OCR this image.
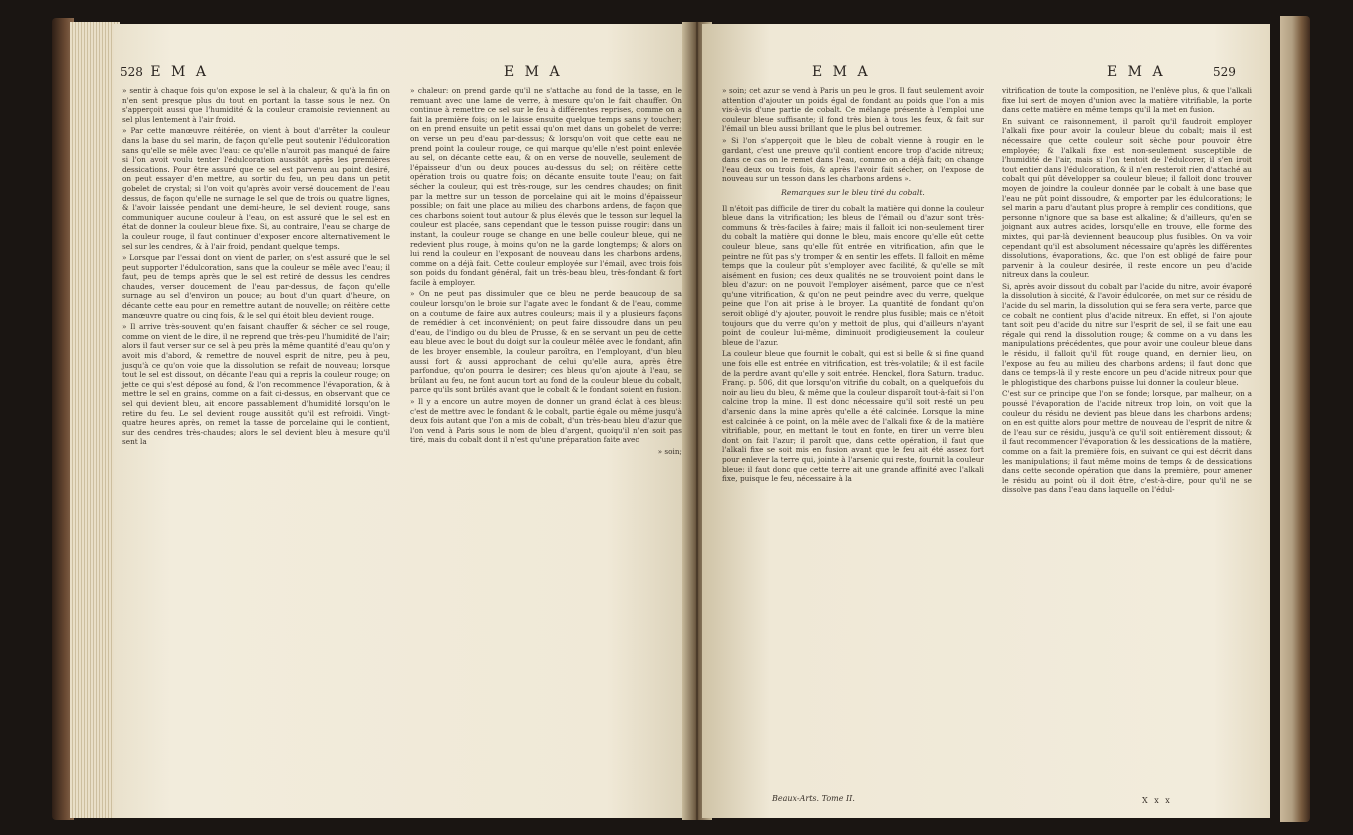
528 E M A	E M A

» sentir à chaque fois qu'on expose le sel à la chaleur, & qu'à la fin on n'en sent presque plus du tout en portant la tasse sous le nez. On s'apperçoit aussi que l'humidité & la couleur cramoisie reviennent au sel plus lentement à l'air froid.

» Par cette manœuvre réitérée, on vient à bout d'arrêter la couleur dans la base du sel marin, de façon qu'elle peut soutenir l'édulcoration sans qu'elle se mêle avec l'eau: ce qu'elle n'auroit pas manqué de faire si l'on avoit voulu tenter l'édulcoration aussitôt après les premières dessications. Pour être assuré que ce sel est parvenu au point desiré, on peut essayer d'en mettre, au sortir du feu, un peu dans un petit gobelet de crystal; si l'on voit qu'après avoir versé doucement de l'eau dessus, de façon qu'elle ne surnage le sel que de trois ou quatre lignes, & l'avoir laissée pendant une demi-heure, le sel devient rouge, sans communiquer aucune couleur à l'eau, on est assuré que le sel est en état de donner la couleur bleue fixe. Si, au contraire, l'eau se charge de la couleur rouge, il faut continuer d'exposer encore alternativement le sel sur les cendres, & à l'air froid, pendant quelque temps.

» Lorsque par l'essai dont on vient de parler, on s'est assuré que le sel peut supporter l'édulcoration, sans que la couleur se mêle avec l'eau; il faut, peu de temps après que le sel est retiré de dessus les cendres chaudes, verser doucement de l'eau par-dessus, de façon qu'elle surnage au sel d'environ un pouce; au bout d'un quart d'heure, on décante cette eau pour en remettre autant de nouvelle; on réitère cette manœuvre quatre ou cinq fois, & le sel qui étoit bleu devient rouge.

» Il arrive très-souvent qu'en faisant chauffer & sécher ce sel rouge, comme on vient de le dire, il ne reprend que très-peu l'humidité de l'air; alors il faut verser sur ce sel à peu près la même quantité d'eau qu'on y avoit mis d'abord, & remettre de nouvel esprit de nitre, peu à peu, jusqu'à ce qu'on voie que la dissolution se refait de nouveau; lorsque tout le sel est dissout, on décante l'eau qui a repris la couleur rouge; on jette ce qui s'est déposé au fond, & l'on recommence l'évaporation, & à mettre le sel en grains, comme on a fait ci-dessus, en observant que ce sel qui devient bleu, ait encore passablement d'humidité lorsqu'on le retire du feu. Le sel devient rouge aussitôt qu'il est refroidi. Vingt-quatre heures après, on remet la tasse de porcelaine qui le contient, sur des cendres très-chaudes; alors le sel devient bleu à mesure qu'il sent la

» chaleur: on prend garde qu'il ne s'attache au fond de la tasse, en le remuant avec une lame de verre, à mesure qu'on le fait chauffer. On continue à remettre ce sel sur le feu à différentes reprises, comme on a fait la première fois; on le laisse ensuite quelque temps sans y toucher; on en prend ensuite un petit essai qu'on met dans un gobelet de verre: on verse un peu d'eau par-dessus; & lorsqu'on voit que cette eau ne prend point la couleur rouge, ce qui marque qu'elle n'est point enlevée au sel, on décante cette eau, & on en verse de nouvelle, seulement de l'épaisseur d'un ou deux pouces au-dessus du sel; on réitère cette opération trois ou quatre fois; on décante ensuite toute l'eau; on fait sécher la couleur, qui est très-rouge, sur les cendres chaudes; on finit par la mettre sur un tesson de porcelaine qui ait le moins d'épaisseur possible; on fait une place au milieu des charbons ardens, de façon que ces charbons soient tout autour & plus élevés que le tesson sur lequel la couleur est placée, sans cependant que le tesson puisse rougir: dans un instant, la couleur rouge se change en une belle couleur bleue, qui ne redevient plus rouge, à moins qu'on ne la garde longtemps; & alors on lui rend la couleur en l'exposant de nouveau dans les charbons ardens, comme on a déjà fait. Cette couleur employée sur l'émail, avec trois fois son poids du fondant général, fait un très-beau bleu, très-fondant & fort facile à employer.

» On ne peut pas dissimuler que ce bleu ne perde beaucoup de sa couleur lorsqu'on le broie sur l'agate avec le fondant & de l'eau, comme on a coutume de faire aux autres couleurs; mais il y a plusieurs façons de remédier à cet inconvénient; on peut faire dissoudre dans un peu d'eau, de l'indigo ou du bleu de Prusse, & en se servant un peu de cette eau bleue avec le bout du doigt sur la couleur mêlée avec le fondant, afin de les broyer ensemble, la couleur paroîtra, en l'employant, d'un bleu aussi fort & aussi approchant de celui qu'elle aura, après être parfondue, qu'on pourra le desirer; ces bleus qu'on ajoute à l'eau, se brûlant au feu, ne font aucun tort au fond de la couleur bleue du cobalt, parce qu'ils sont brûlés avant que le cobalt & le fondant soient en fusion.

» Il y a encore un autre moyen de donner un grand éclat à ces bleus: c'est de mettre avec le fondant & le cobalt, partie égale ou même jusqu'à deux fois autant que l'on a mis de cobalt, d'un très-beau bleu d'azur que l'on vend à Paris sous le nom de bleu d'argent, quoiqu'il n'en soit pas tiré, mais du cobalt dont il n'est qu'une préparation faite avec

» soin;

E M A	E M A	529

» soin; cet azur se vend à Paris un peu le gros. Il faut seulement avoir attention d'ajouter un poids égal de fondant au poids que l'on a mis vis-à-vis d'une partie de cobalt. Ce mélange présente à l'emploi une couleur bleue suffisante; il fond très bien à tous les feux, & fait sur l'émail un bleu aussi brillant que le plus bel outremer.

» Si l'on s'apperçoit que le bleu de cobalt vienne à rougir en le gardant, c'est une preuve qu'il contient encore trop d'acide nitreux; dans ce cas on le remet dans l'eau, comme on a déjà fait; on change l'eau deux ou trois fois, & après l'avoir fait sécher, on l'expose de nouveau sur un tesson dans les charbons ardens ».

Remarques sur le bleu tiré du cobalt.

Il n'étoit pas difficile de tirer du cobalt la matière qui donne la couleur bleue dans la vitrification; les bleus de l'émail ou d'azur sont très-communs & très-faciles à faire; mais il falloit ici non-seulement tirer du cobalt la matière qui donne le bleu, mais encore qu'elle eût cette couleur bleue, sans qu'elle fût entrée en vitrification, afin que le peintre ne fût pas s'y tromper & en sentir les effets. Il falloit en même temps que la couleur pût s'employer avec facilité, & qu'elle se mît aisément en fusion; ces deux qualités ne se trouvoient point dans le bleu d'azur: on ne pouvoit l'employer aisément, parce que ce n'est qu'une vitrification, & qu'on ne peut peindre avec du verre, quelque peine que l'on ait prise à le broyer. La quantité de fondant qu'on seroit obligé d'y ajouter, pouvoit le rendre plus fusible; mais ce n'étoit toujours que du verre qu'on y mettoit de plus, qui d'ailleurs n'ayant point de couleur lui-même, diminuoit prodigieusement la couleur bleue de l'azur.

La couleur bleue que fournit le cobalt, qui est si belle & si fine quand une fois elle est entrée en vitrification, est très-volatile; & il est facile de la perdre avant qu'elle y soit entrée. Henckel, flora Saturn. traduc. Franç. p. 506, dit que lorsqu'on vitrifie du cobalt, on a quelquefois du noir au lieu du bleu, & même que la couleur disparoît tout-à-fait si l'on calcine trop la mine. Il est donc nécessaire qu'il soit resté un peu d'arsenic dans la mine après qu'elle a été calcinée. Lorsque la mine est calcinée à ce point, on la mêle avec de l'alkali fixe & de la matière vitrifiable, pour, en mettant le tout en fonte, en tirer un verre bleu dont on fait l'azur; il paroît que, dans cette opération, il faut que l'alkali fixe se soit mis en fusion avant que le feu ait été assez fort pour enlever la terre qui, jointe à l'arsenic qui reste, fournit la couleur bleue: il faut donc que cette terre ait une grande affinité avec l'alkali fixe, puisque le feu, nécessaire à la

vitrification de toute la composition, ne l'enlève plus, & que l'alkali fixe lui sert de moyen d'union avec la matière vitrifiable, la porte dans cette matière en même temps qu'il la met en fusion.

En suivant ce raisonnement, il paroît qu'il faudroit employer l'alkali fixe pour avoir la couleur bleue du cobalt; mais il est nécessaire que cette couleur soit sèche pour pouvoir être employée; & l'alkali fixe est non-seulement susceptible de l'humidité de l'air, mais si l'on tentoit de l'édulcorer, il s'en iroit tout entier dans l'édulcoration, & il n'en resteroit rien d'attaché au cobalt qui pût développer sa couleur bleue; il falloit donc trouver moyen de joindre la couleur donnée par le cobalt à une base que l'eau ne pût point dissoudre, & emporter par les édulcorations; le sel marin a paru d'autant plus propre à remplir ces conditions, que personne n'ignore que sa base est alkaline; & d'ailleurs, qu'en se joignant aux autres acides, lorsqu'elle en trouve, elle forme des mixtes, qui par-là deviennent beaucoup plus fusibles. On va voir cependant qu'il est absolument nécessaire qu'après les différentes dissolutions, évaporations, &c. que l'on est obligé de faire pour parvenir à la couleur desirée, il reste encore un peu d'acide nitreux dans la couleur.

Si, après avoir dissout du cobalt par l'acide du nitre, avoir évaporé la dissolution à siccité, & l'avoir édulcorée, on met sur ce résidu de l'acide du sel marin, la dissolution qui se fera sera verte, parce que ce cobalt ne contient plus d'acide nitreux. En effet, si l'on ajoute tant soit peu d'acide du nitre sur l'esprit de sel, il se fait une eau régale qui rend la dissolution rouge; & comme on a vu dans les manipulations précédentes, que pour avoir une couleur bleue dans le résidu, il falloit qu'il fût rouge quand, en dernier lieu, on l'expose au feu au milieu des charbons ardens; il faut donc que dans ce temps-là il y reste encore un peu d'acide nitreux pour que le phlogistique des charbons puisse lui donner la couleur bleue.

C'est sur ce principe que l'on se fonde; lorsque, par malheur, on a poussé l'évaporation de l'acide nitreux trop loin, on voit que la couleur du résidu ne devient pas bleue dans les charbons ardens; on en est quitte alors pour mettre de nouveau de l'esprit de nitre & de l'eau sur ce résidu, jusqu'à ce qu'il soit entièrement dissout; & il faut recommencer l'évaporation & les dessications de la matière, comme on a fait la première fois, en suivant ce qui est décrit dans les manipulations; il faut même moins de temps & de dessications dans cette seconde opération que dans la première, pour amener le résidu au point où il doit être, c'est-à-dire, pour qu'il ne se dissolve pas dans l'eau dans laquelle on l'édul-

Beaux-Arts. Tome II.	X x x
